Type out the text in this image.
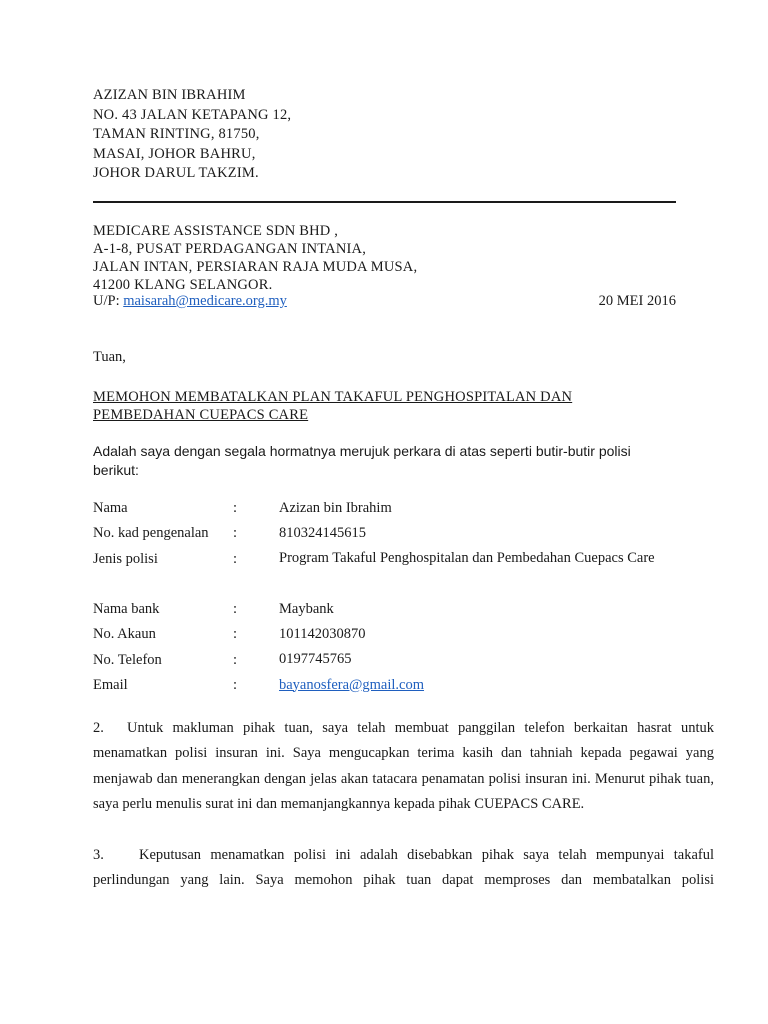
AZIZAN BIN IBRAHIM
NO. 43 JALAN KETAPANG 12,
TAMAN RINTING, 81750,
MASAI, JOHOR BAHRU,
JOHOR DARUL TAKZIM.
MEDICARE ASSISTANCE SDN BHD ,
A-1-8, PUSAT PERDAGANGAN INTANIA,
JALAN INTAN, PERSIARAN RAJA MUDA MUSA,
41200 KLANG SELANGOR.
U/P: maisarah@medicare.org.my	20 MEI 2016
Tuan,
MEMOHON MEMBATALKAN PLAN TAKAFUL PENGHOSPITALAN DAN
PEMBEDAHAN CUEPACS CARE
Adalah saya dengan segala hormatnya merujuk perkara di atas seperti butir-butir polisi berikut:
Nama	:	Azizan bin Ibrahim
No. kad pengenalan :	810324145615
Jenis polisi	:	Program Takaful Penghospitalan dan Pembedahan Cuepacs Care
Nama bank	:	Maybank
No. Akaun	:	101142030870
No. Telefon	:	0197745765
Email	:	bayanosfera@gmail.com
2. Untuk makluman pihak tuan, saya telah membuat panggilan telefon berkaitan hasrat untuk menamatkan polisi insuran ini. Saya mengucapkan terima kasih dan tahniah kepada pegawai yang menjawab dan menerangkan dengan jelas akan tatacara penamatan polisi insuran ini. Menurut pihak tuan, saya perlu menulis surat ini dan memanjangkannya kepada pihak CUEPACS CARE.
3. Keputusan menamatkan polisi ini adalah disebabkan pihak saya telah mempunyai takaful perlindungan yang lain. Saya memohon pihak tuan dapat memproses dan membatalkan polisi
